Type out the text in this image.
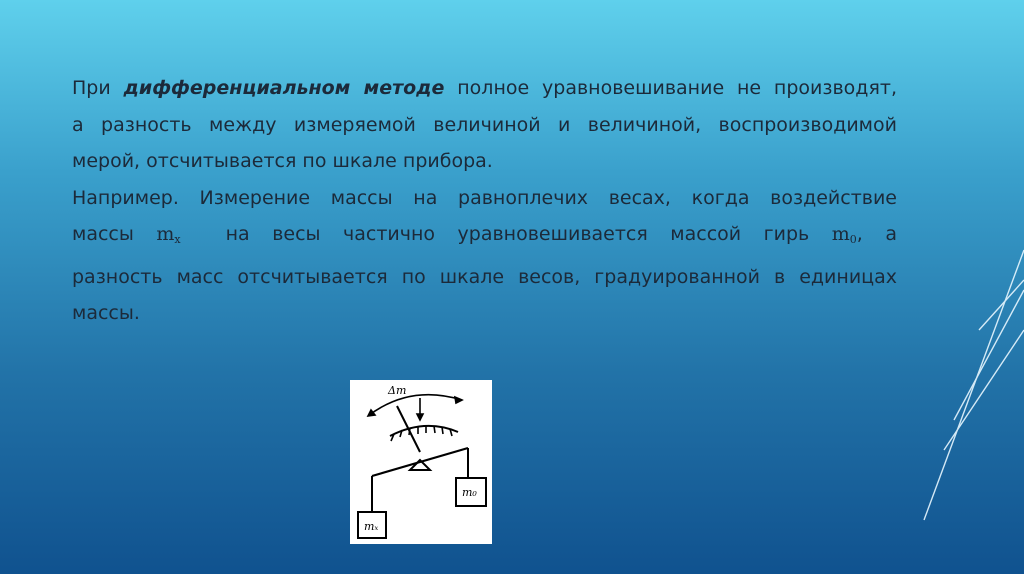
При дифференциальном методе полное уравновешивание не производят,

а разность между измеряемой величиной и величиной, воспроизводимой

мерой, отсчитывается по шкале прибора.

Например. Измерение массы на равноплечих весах, когда воздействие

массы $m_x$ на весы частично уравновешивается массой гирь $m_0$, а

разность масс отсчитывается по шкале весов, градуированной в единицах

массы.

Δm
m₀
mₓ
